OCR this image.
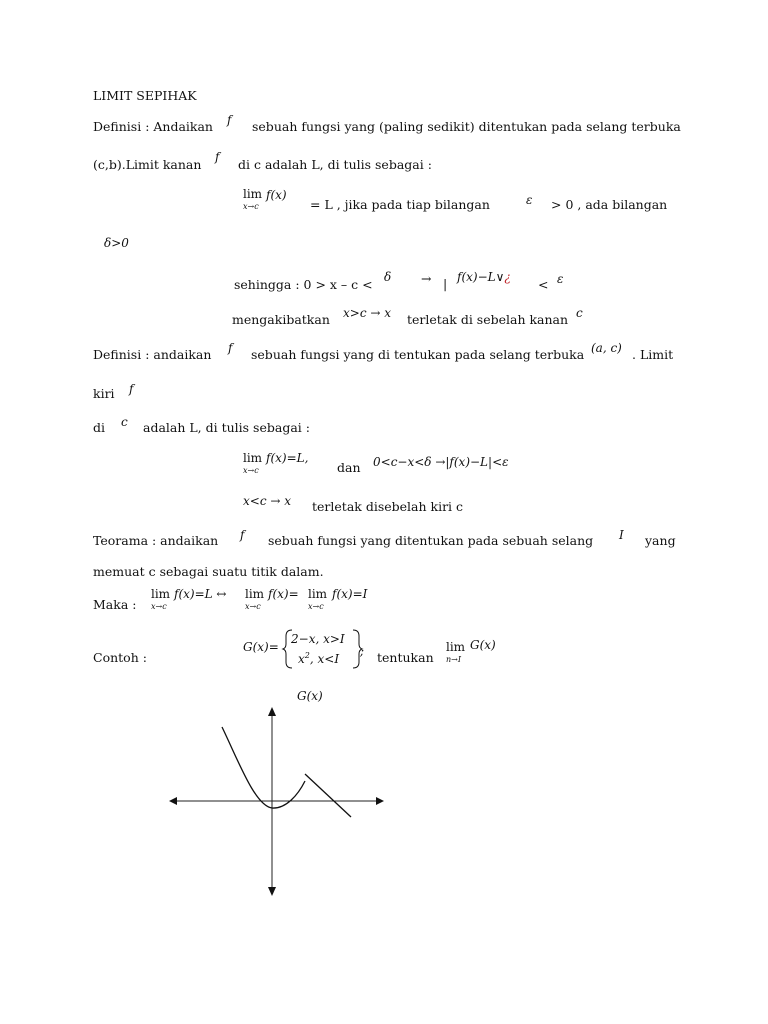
LIMIT SEPIHAK
Definisi : Andaikan f sebuah fungsi yang (paling sedikit) ditentukan pada selang terbuka
(c,b).Limit kanan f di c adalah L, di tulis sebagai :
lim
x→c
f(x)
= L , jika pada tiap bilangan	ε > 0 , ada bilangan
δ>0
sehingga : 0 > x – c < δ → | f(x)−L∨¿ < ε
mengakibatkan x>c → x terletak di sebelah kanan c
Definisi : andaikan f sebuah fungsi yang di tentukan pada selang terbuka (a, c) . Limit
kiri f
di c adalah L, di tulis sebagai :
lim
x→c
f(x)=L,
dan 0<c−x<δ →|f(x)−L|<ε
x<c → x terletak disebelah kiri c
Teorama : andaikan f sebuah fungsi yang ditentukan pada sebuah selang I yang
memuat c sebagai suatu titik dalam.
Maka :
lim
x→c
f(x)=L ↔ lim
x→c
f(x)= lim
x→c
f(x)=I
Contoh :
G(x)=
2−x, x>I
$x^2$, x<I
; tentukan
lim
n→I
G(x)
G(x)
